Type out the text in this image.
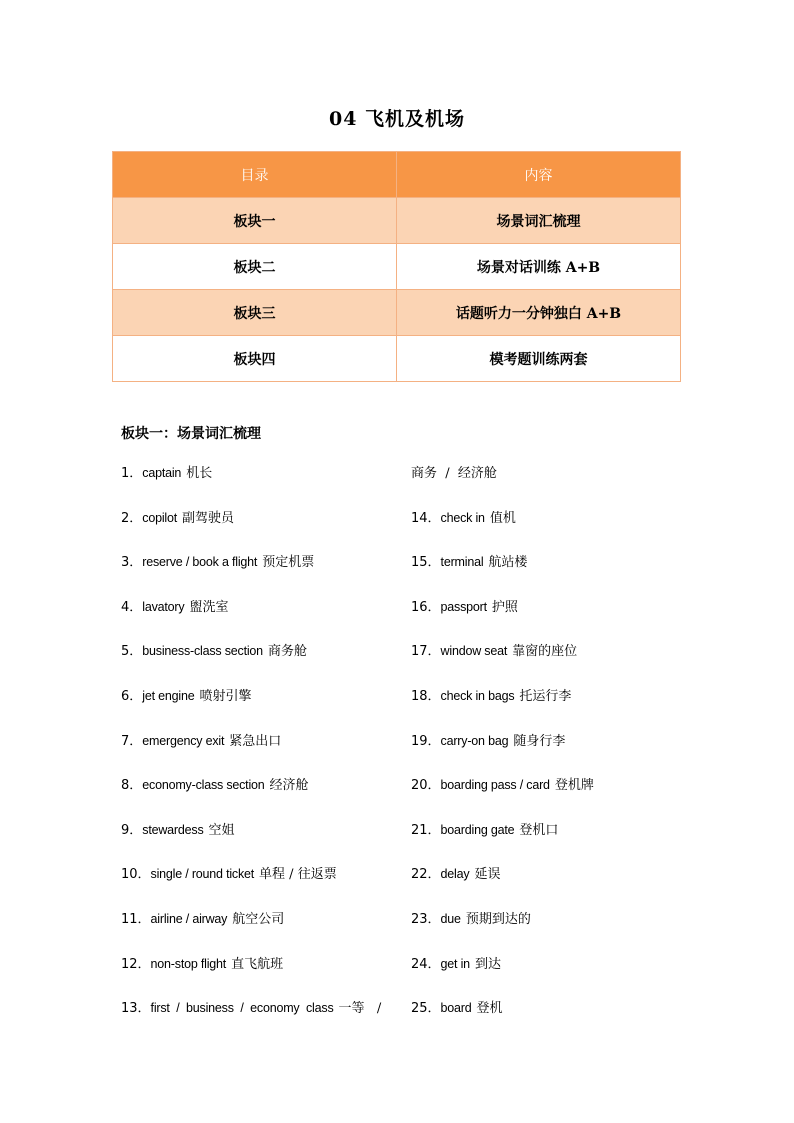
04 飞机及机场
目录	内容
板块一	场景词汇梳理
板块二	场景对话训练 A+B
板块三	话题听力一分钟独白 A+B
板块四	模考题训练两套
板块一：场景词汇梳理
1．captain 机长
2．copilot 副驾驶员
3．reserve / book a flight 预定机票
4．lavatory 盥洗室
5．business-class section 商务舱
6．jet engine 喷射引擎
7．emergency exit 紧急出口
8．economy-class section 经济舱
9．stewardess 空姐
10．single / round ticket 单程 / 往返票
11．airline / airway 航空公司
12．non-stop flight 直飞航班
13．first  /  business  /  economy  class 一等   /
商务  /  经济舱
14．check in 值机
15．terminal 航站楼
16．passport 护照
17．window seat 靠窗的座位
18．check in bags 托运行李
19．carry-on bag 随身行李
20．boarding pass / card 登机牌
21．boarding gate 登机口
22．delay 延误
23．due 预期到达的
24．get in 到达
25．board 登机
